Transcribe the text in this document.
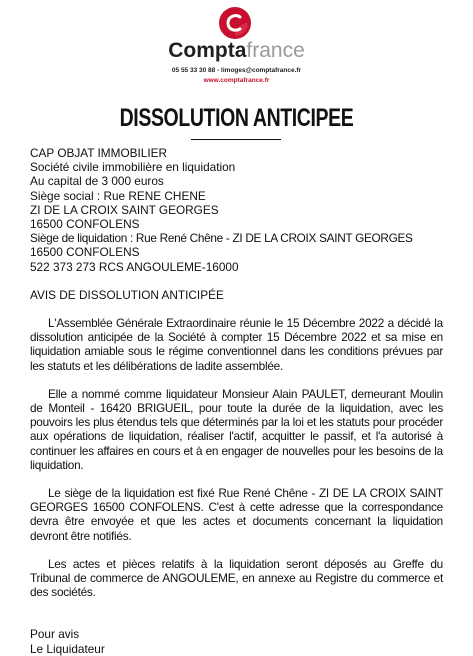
Comptafrance
05 55 33 30 88 - limoges@comptafrance.fr
www.comptafrance.fr
DISSOLUTION ANTICIPEE
CAP OBJAT IMMOBILIER
Société civile immobilière en liquidation
Au capital de 3 000 euros
Siège social : Rue RENE CHENE
ZI DE LA CROIX SAINT GEORGES
16500 CONFOLENS
Siège de liquidation : Rue René Chêne - ZI DE LA CROIX SAINT GEORGES
16500 CONFOLENS
522 373 273 RCS ANGOULEME-16000
AVIS DE DISSOLUTION ANTICIPÉE

L'Assemblée Générale Extraordinaire réunie le 15 Décembre 2022 a décidé la dissolution anticipée de la Société à compter 15 Décembre 2022 et sa mise en liquidation amiable sous le régime conventionnel dans les conditions prévues par les statuts et les délibérations de ladite assemblée.

Elle a nommé comme liquidateur Monsieur Alain PAULET, demeurant Moulin de Monteil - 16420 BRIGUEIL, pour toute la durée de la liquidation, avec les pouvoirs les plus étendus tels que déterminés par la loi et les statuts pour procéder aux opérations de liquidation, réaliser l'actif, acquitter le passif, et l'a autorisé à continuer les affaires en cours et à en engager de nouvelles pour les besoins de la liquidation.

Le siège de la liquidation est fixé Rue René Chêne - ZI DE LA CROIX SAINT GEORGES 16500 CONFOLENS. C'est à cette adresse que la correspondance devra être envoyée et que les actes et documents concernant la liquidation devront être notifiés.

Les actes et pièces relatifs à la liquidation seront déposés au Greffe du Tribunal de commerce de ANGOULEME, en annexe au Registre du commerce et des sociétés.

Pour avis
Le Liquidateur
